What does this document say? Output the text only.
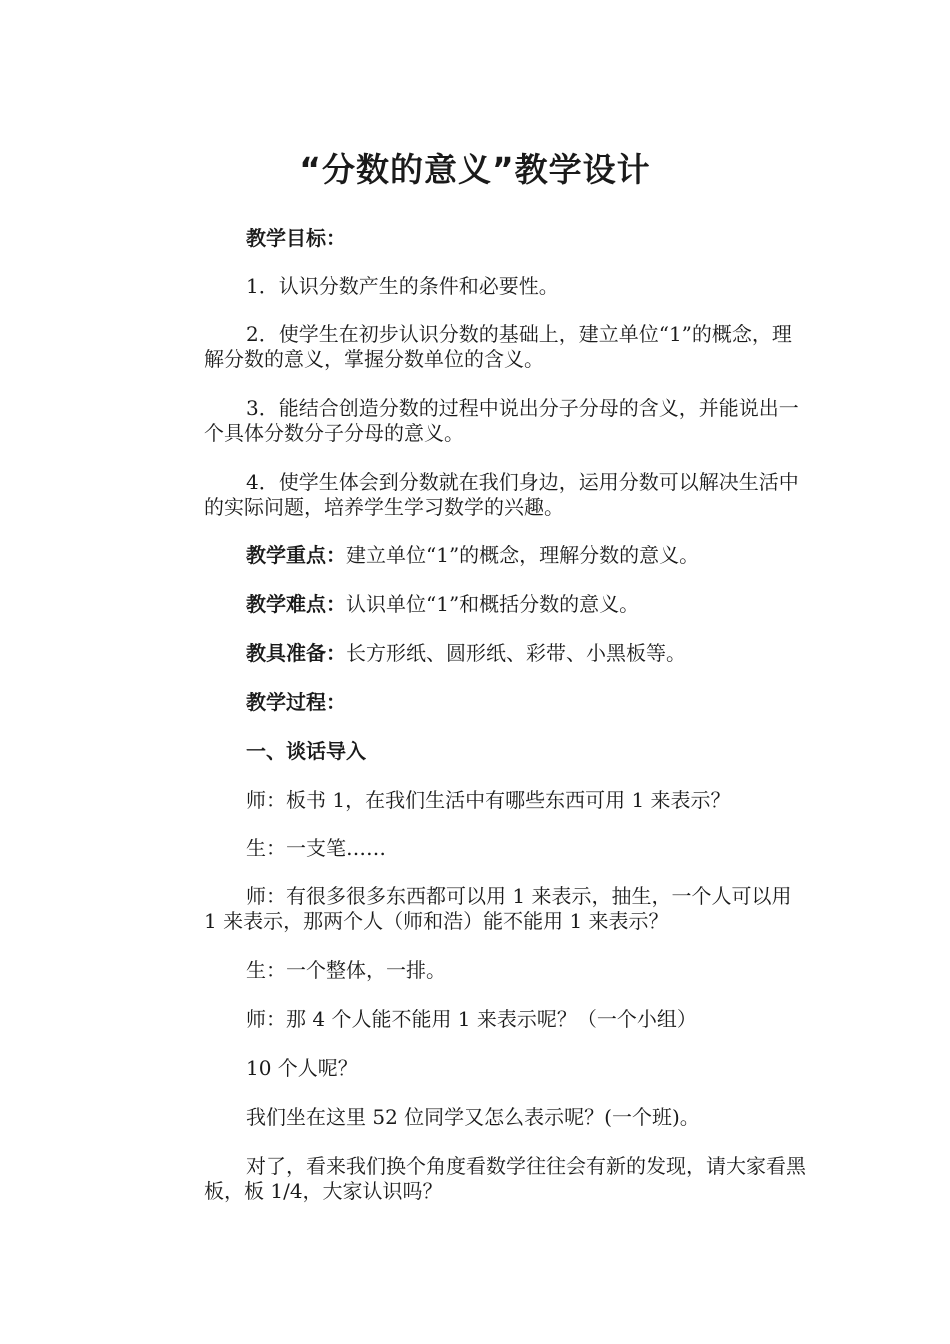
“分数的意义”教学设计

教学目标：

1．认识分数产生的条件和必要性。

2．使学生在初步认识分数的基础上，建立单位“1”的概念，理解分数的意义，掌握分数单位的含义。

3．能结合创造分数的过程中说出分子分母的含义，并能说出一个具体分数分子分母的意义。

4．使学生体会到分数就在我们身边，运用分数可以解决生活中的实际问题，培养学生学习数学的兴趣。

教学重点：建立单位“1”的概念，理解分数的意义。

教学难点：认识单位“1”和概括分数的意义。

教具准备：长方形纸、圆形纸、彩带、小黑板等。

教学过程：

一、谈话导入

师：板书 1，在我们生活中有哪些东西可用 1 来表示？

生：一支笔……

师：有很多很多东西都可以用 1 来表示，抽生，一个人可以用 1 来表示，那两个人（师和浩）能不能用 1 来表示？

生：一个整体，一排。

师：那 4 个人能不能用 1 来表示呢？（一个小组）

10 个人呢？

我们坐在这里 52 位同学又怎么表示呢？(一个班)。

对了，看来我们换个角度看数学往往会有新的发现，请大家看黑板，板 1/4，大家认识吗？
